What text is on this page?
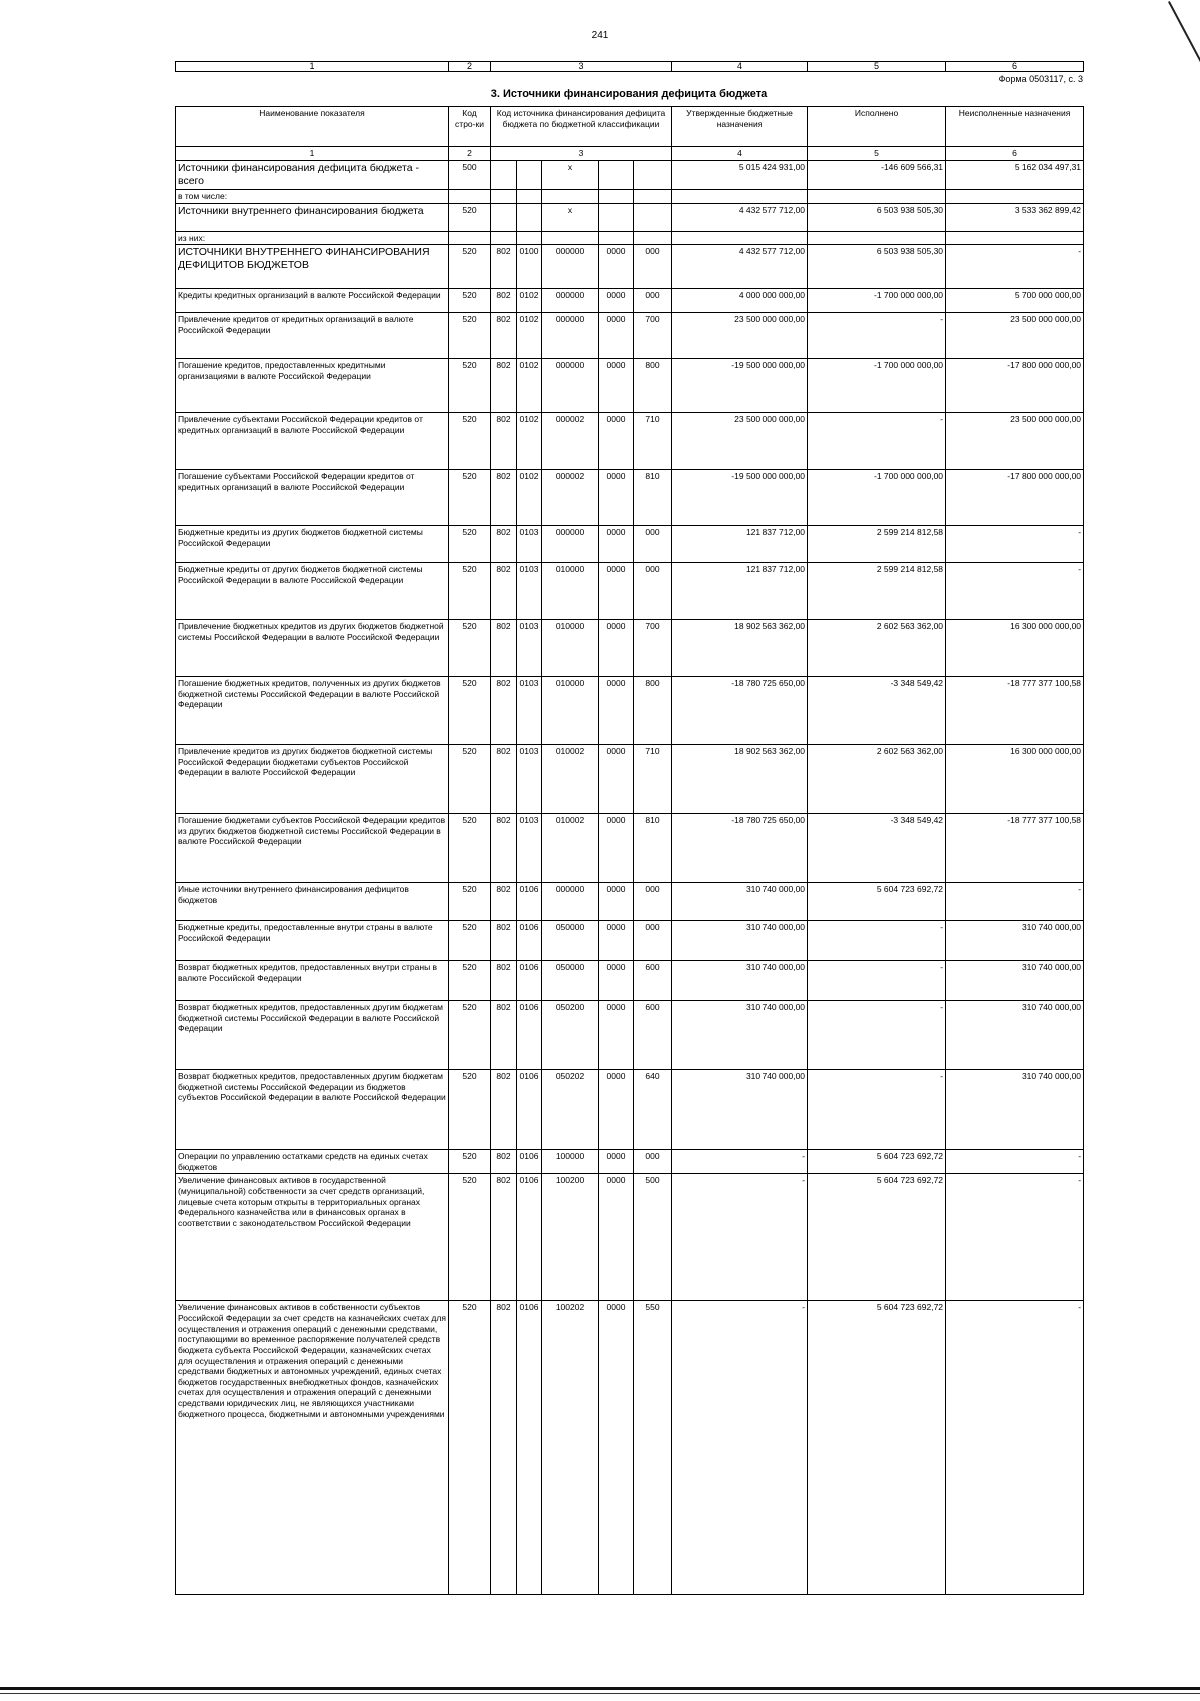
241
1	2	3	4	5	6
Форма 0503117, с. 3
3. Источники финансирования дефицита бюджета
Наименование показателя	Код стро-ки	Код источника финансирования дефицита бюджета по бюджетной классификации					Утвержденные бюджетные назначения	Исполнено	Неисполненные назначения
1	2	3					4	5	6
Источники финансирования дефицита бюджета - всего	500			x			5 015 424 931,00	-146 609 566,31	5 162 034 497,31
в том числе:									
Источники внутреннего финансирования бюджета	520			x			4 432 577 712,00	6 503 938 505,30	3 533 362 899,42
из них:									
ИСТОЧНИКИ ВНУТРЕННЕГО ФИНАНСИРОВАНИЯ ДЕФИЦИТОВ БЮДЖЕТОВ	520	802	0100	000000	0000	000	4 432 577 712,00	6 503 938 505,30	-
Кредиты кредитных организаций в валюте Российской Федерации	520	802	0102	000000	0000	000	4 000 000 000,00	-1 700 000 000,00	5 700 000 000,00
Привлечение кредитов от кредитных организаций в валюте Российской Федерации	520	802	0102	000000	0000	700	23 500 000 000,00	-	23 500 000 000,00
Погашение кредитов, предоставленных кредитными организациями в валюте Российской Федерации	520	802	0102	000000	0000	800	-19 500 000 000,00	-1 700 000 000,00	-17 800 000 000,00
Привлечение субъектами Российской Федерации кредитов от кредитных организаций в валюте Российской Федерации	520	802	0102	000002	0000	710	23 500 000 000,00	-	23 500 000 000,00
Погашение субъектами Российской Федерации кредитов от кредитных организаций в валюте Российской Федерации	520	802	0102	000002	0000	810	-19 500 000 000,00	-1 700 000 000,00	-17 800 000 000,00
Бюджетные кредиты из других бюджетов бюджетной системы Российской Федерации	520	802	0103	000000	0000	000	121 837 712,00	2 599 214 812,58	-
Бюджетные кредиты от других бюджетов бюджетной системы Российской Федерации в валюте Российской Федерации	520	802	0103	010000	0000	000	121 837 712,00	2 599 214 812,58	-
Привлечение бюджетных кредитов из других бюджетов бюджетной системы Российской Федерации в валюте Российской Федерации	520	802	0103	010000	0000	700	18 902 563 362,00	2 602 563 362,00	16 300 000 000,00
Погашение бюджетных кредитов, полученных из других бюджетов бюджетной системы Российской Федерации в валюте Российской Федерации	520	802	0103	010000	0000	800	-18 780 725 650,00	-3 348 549,42	-18 777 377 100,58
Привлечение кредитов из других бюджетов бюджетной системы Российской Федерации бюджетами субъектов Российской Федерации в валюте Российской Федерации	520	802	0103	010002	0000	710	18 902 563 362,00	2 602 563 362,00	16 300 000 000,00
Погашение бюджетами субъектов Российской Федерации кредитов из других бюджетов бюджетной системы Российской Федерации в валюте Российской Федерации	520	802	0103	010002	0000	810	-18 780 725 650,00	-3 348 549,42	-18 777 377 100,58
Иные источники внутреннего финансирования дефицитов бюджетов	520	802	0106	000000	0000	000	310 740 000,00	5 604 723 692,72	-
Бюджетные кредиты, предоставленные внутри страны в валюте Российской Федерации	520	802	0106	050000	0000	000	310 740 000,00	-	310 740 000,00
Возврат бюджетных кредитов, предоставленных внутри страны в валюте Российской Федерации	520	802	0106	050000	0000	600	310 740 000,00	-	310 740 000,00
Возврат бюджетных кредитов, предоставленных другим бюджетам бюджетной системы Российской Федерации в валюте Российской Федерации	520	802	0106	050200	0000	600	310 740 000,00	-	310 740 000,00
Возврат бюджетных кредитов, предоставленных другим бюджетам бюджетной системы Российской Федерации из бюджетов субъектов Российской Федерации в валюте Российской Федерации	520	802	0106	050202	0000	640	310 740 000,00	-	310 740 000,00
Операции по управлению остатками средств на единых счетах бюджетов	520	802	0106	100000	0000	000	-	5 604 723 692,72	-
Увеличение финансовых активов в государственной (муниципальной) собственности за счет средств организаций, лицевые счета которым открыты в территориальных органах Федерального казначейства или в финансовых органах в соответствии с законодательством Российской Федерации	520	802	0106	100200	0000	500	-	5 604 723 692,72	-
Увеличение финансовых активов в собственности субъектов Российской Федерации за счет средств на казначейских счетах для осуществления и отражения операций с денежными средствами, поступающими во временное распоряжение получателей средств бюджета субъекта Российской Федерации, казначейских счетах для осуществления и отражения операций с денежными средствами бюджетных и автономных учреждений, единых счетах бюджетов государственных внебюджетных фондов, казначейских счетах для осуществления и отражения операций с денежными средствами юридических лиц, не являющихся участниками бюджетного процесса, бюджетными и автономными учреждениями	520	802	0106	100202	0000	550	-	5 604 723 692,72	-
